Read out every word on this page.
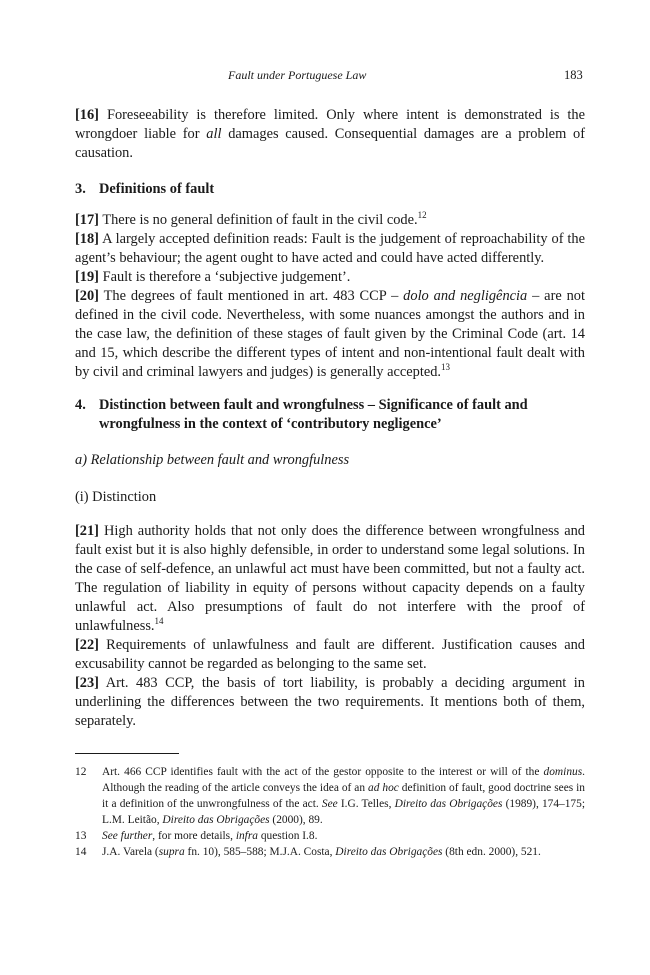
Fault under Portuguese Law	183

[16] Foreseeability is therefore limited. Only where intent is demonstrated is the wrongdoer liable for all damages caused. Consequential damages are a problem of causation.

3. Definitions of fault

[17] There is no general definition of fault in the civil code.$^{12}$

[18] A largely accepted definition reads: Fault is the judgement of reproachability of the agent’s behaviour; the agent ought to have acted and could have acted differently.

[19] Fault is therefore a ‘subjective judgement’.

[20] The degrees of fault mentioned in art. 483 CCP – dolo and negligência – are not defined in the civil code. Nevertheless, with some nuances amongst the authors and in the case law, the definition of these stages of fault given by the Criminal Code (art. 14 and 15, which describe the different types of intent and non-intentional fault dealt with by civil and criminal lawyers and judges) is generally accepted.$^{13}$

4. Distinction between fault and wrongfulness – Significance of fault and wrongfulness in the context of ‘contributory negligence’
a) Relationship between fault and wrongfulness
(i) Distinction

[21] High authority holds that not only does the difference between wrongfulness and fault exist but it is also highly defensible, in order to understand some legal solutions. In the case of self-defence, an unlawful act must have been committed, but not a faulty act. The regulation of liability in equity of persons without capacity depends on a faulty unlawful act. Also presumptions of fault do not interfere with the proof of unlawfulness.$^{14}$

[22] Requirements of unlawfulness and fault are different. Justification causes and excusability cannot be regarded as belonging to the same set.

[23] Art. 483 CCP, the basis of tort liability, is probably a deciding argument in underlining the differences between the two requirements. It mentions both of them, separately.

12 Art. 466 CCP identifies fault with the act of the gestor opposite to the interest or will of the dominus. Although the reading of the article conveys the idea of an ad hoc definition of fault, good doctrine sees in it a definition of the unwrongfulness of the act. See I.G. Telles, Direito das Obrigações (1989), 174–175; L.M. Leitão, Direito das Obrigações (2000), 89.
13 See further, for more details, infra question I.8.
14 J.A. Varela (supra fn. 10), 585–588; M.J.A. Costa, Direito das Obrigações (8th edn. 2000), 521.
